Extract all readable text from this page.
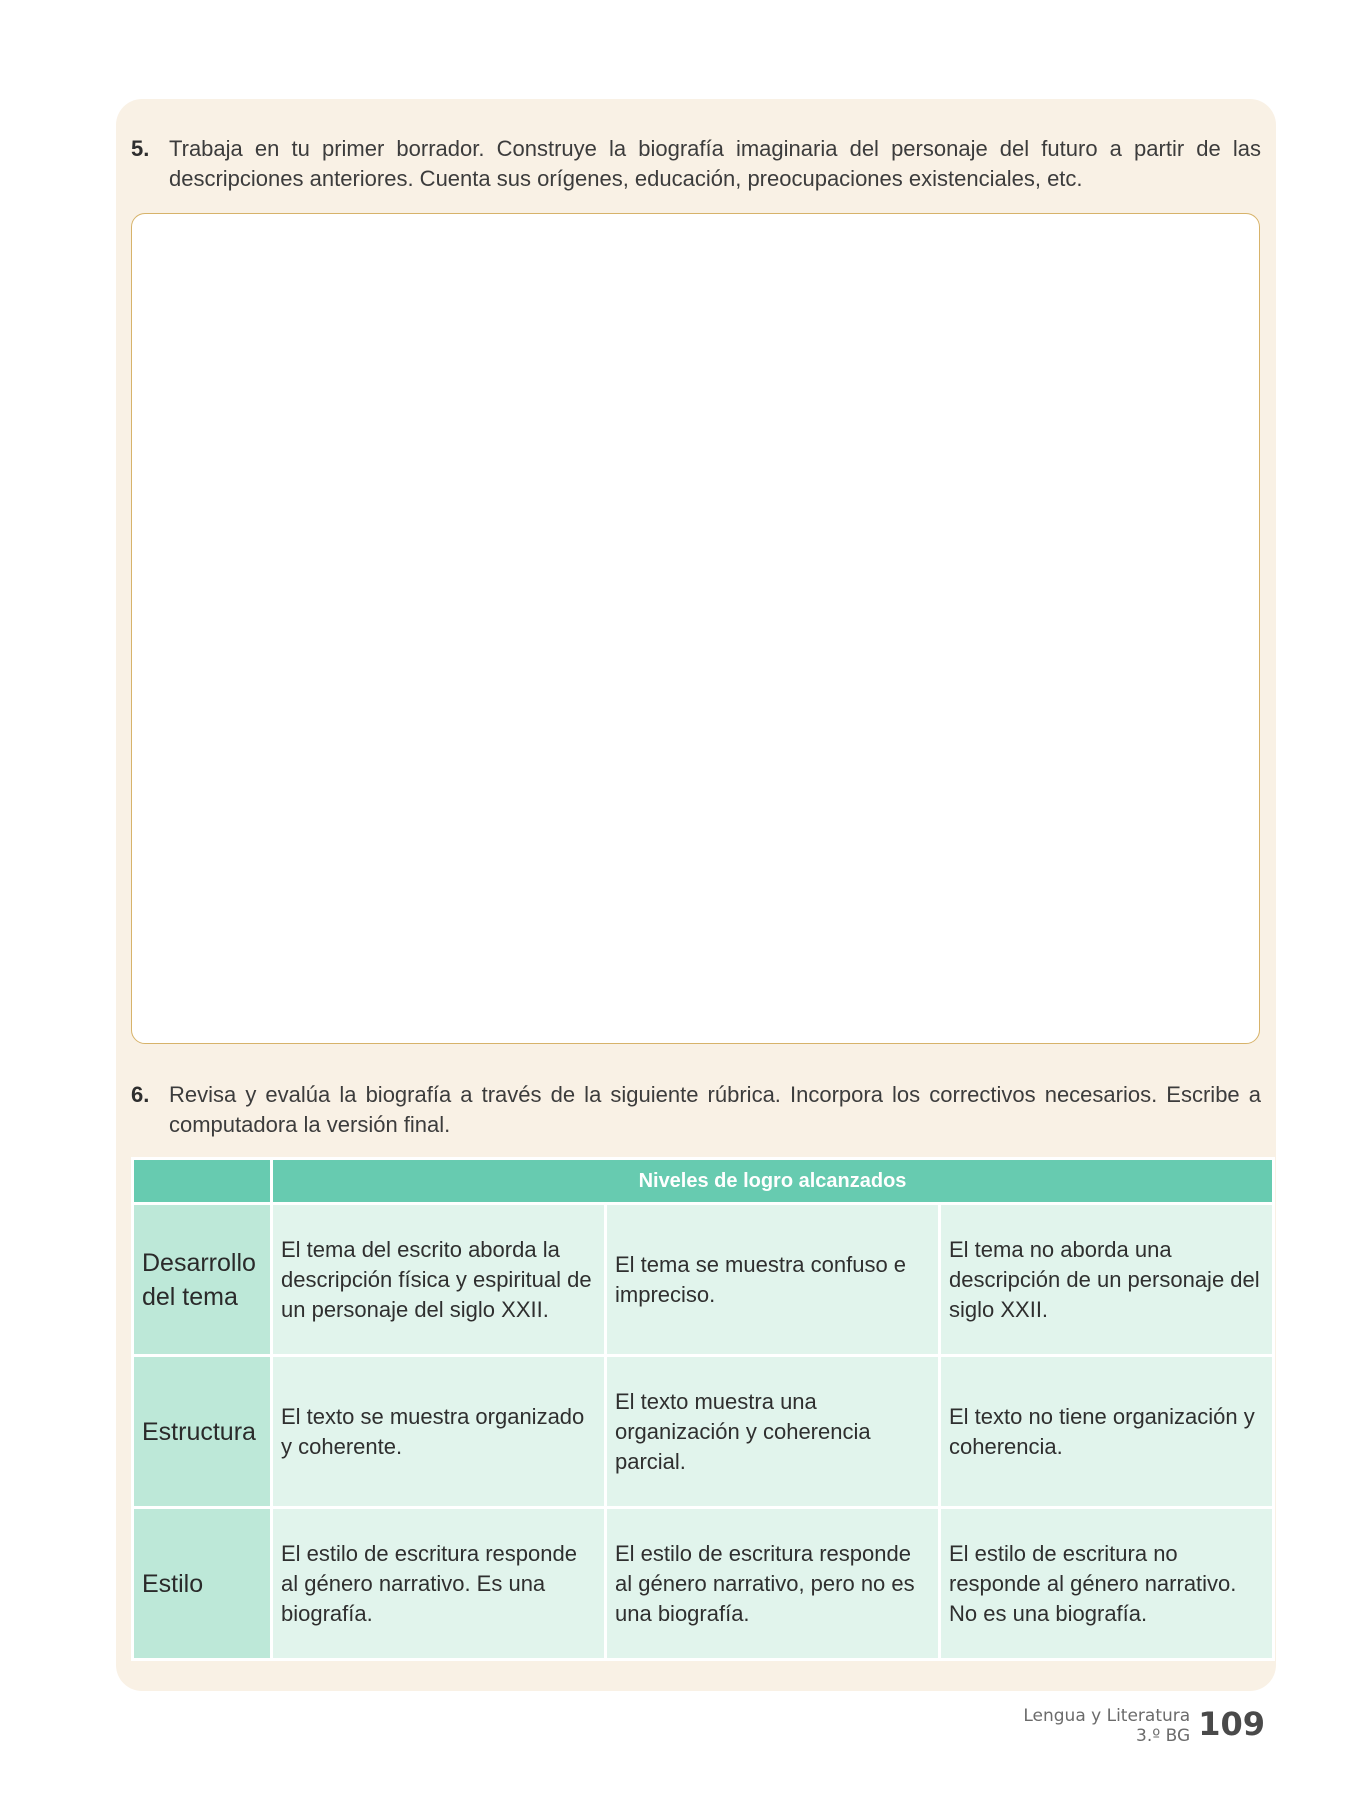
5. Trabaja en tu primer borrador. Construye la biografía imaginaria del personaje del futuro a partir de las descripciones anteriores. Cuenta sus orígenes, educación, preocupaciones existenciales, etc.
6. Revisa y evalúa la biografía a través de la siguiente rúbrica. Incorpora los correctivos necesarios. Escribe a computadora la versión final.
	Niveles de logro alcanzados		
Desarrollo del tema	El tema del escrito aborda la descripción física y espiritual de un personaje del siglo XXII.	El tema se muestra confuso e impreciso.	El tema no aborda una descripción de un personaje del siglo XXII.
Estructura	El texto se muestra organizado y coherente.	El texto muestra una organización y coherencia parcial.	El texto no tiene organización y coherencia.
Estilo	El estilo de escritura responde al género narrativo. Es una biografía.	El estilo de escritura responde al género narrativo, pero no es una biografía.	El estilo de escritura no responde al género narrativo. No es una biografía.
Lengua y Literatura
3.º BG 109
